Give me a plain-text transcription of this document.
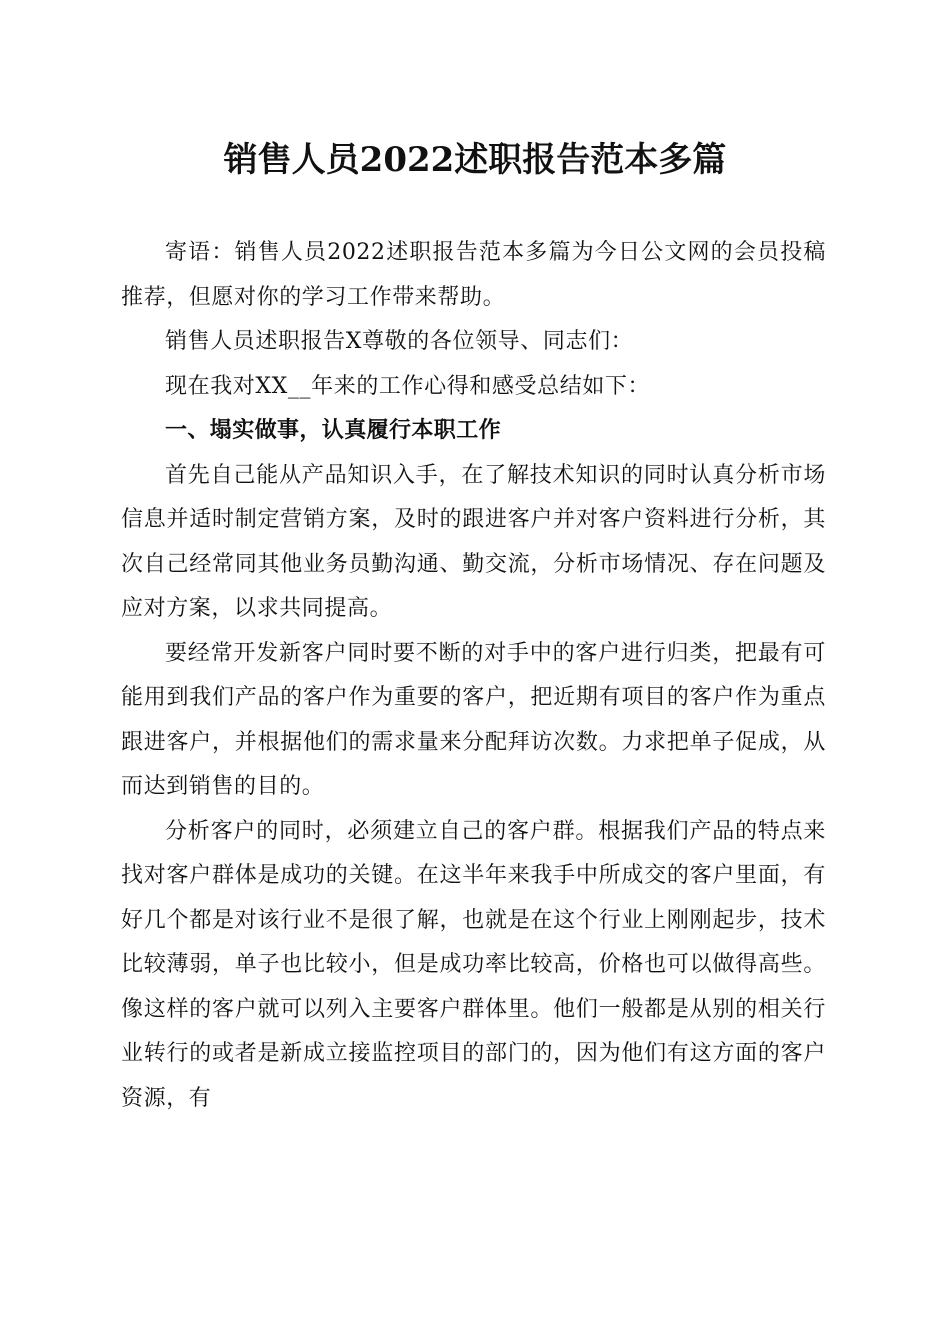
销售人员2022述职报告范本多篇

寄语：销售人员2022述职报告范本多篇为今日公文网的会员投稿推荐，但愿对你的学习工作带来帮助。

销售人员述职报告X尊敬的各位领导、同志们：

现在我对XX__年来的工作心得和感受总结如下：

一、塌实做事，认真履行本职工作

首先自己能从产品知识入手，在了解技术知识的同时认真分析市场信息并适时制定营销方案，及时的跟进客户并对客户资料进行分析，其次自己经常同其他业务员勤沟通、勤交流，分析市场情况、存在问题及应对方案，以求共同提高。

要经常开发新客户同时要不断的对手中的客户进行归类，把最有可能用到我们产品的客户作为重要的客户，把近期有项目的客户作为重点跟进客户，并根据他们的需求量来分配拜访次数。力求把单子促成，从而达到销售的目的。

分析客户的同时，必须建立自己的客户群。根据我们产品的特点来找对客户群体是成功的关键。在这半年来我手中所成交的客户里面，有好几个都是对该行业不是很了解，也就是在这个行业上刚刚起步，技术比较薄弱，单子也比较小，但是成功率比较高，价格也可以做得高些。像这样的客户就可以列入主要客户群体里。他们一般都是从别的相关行业转行的或者是新成立接监控项目的部门的，因为他们有这方面的客户资源，有
